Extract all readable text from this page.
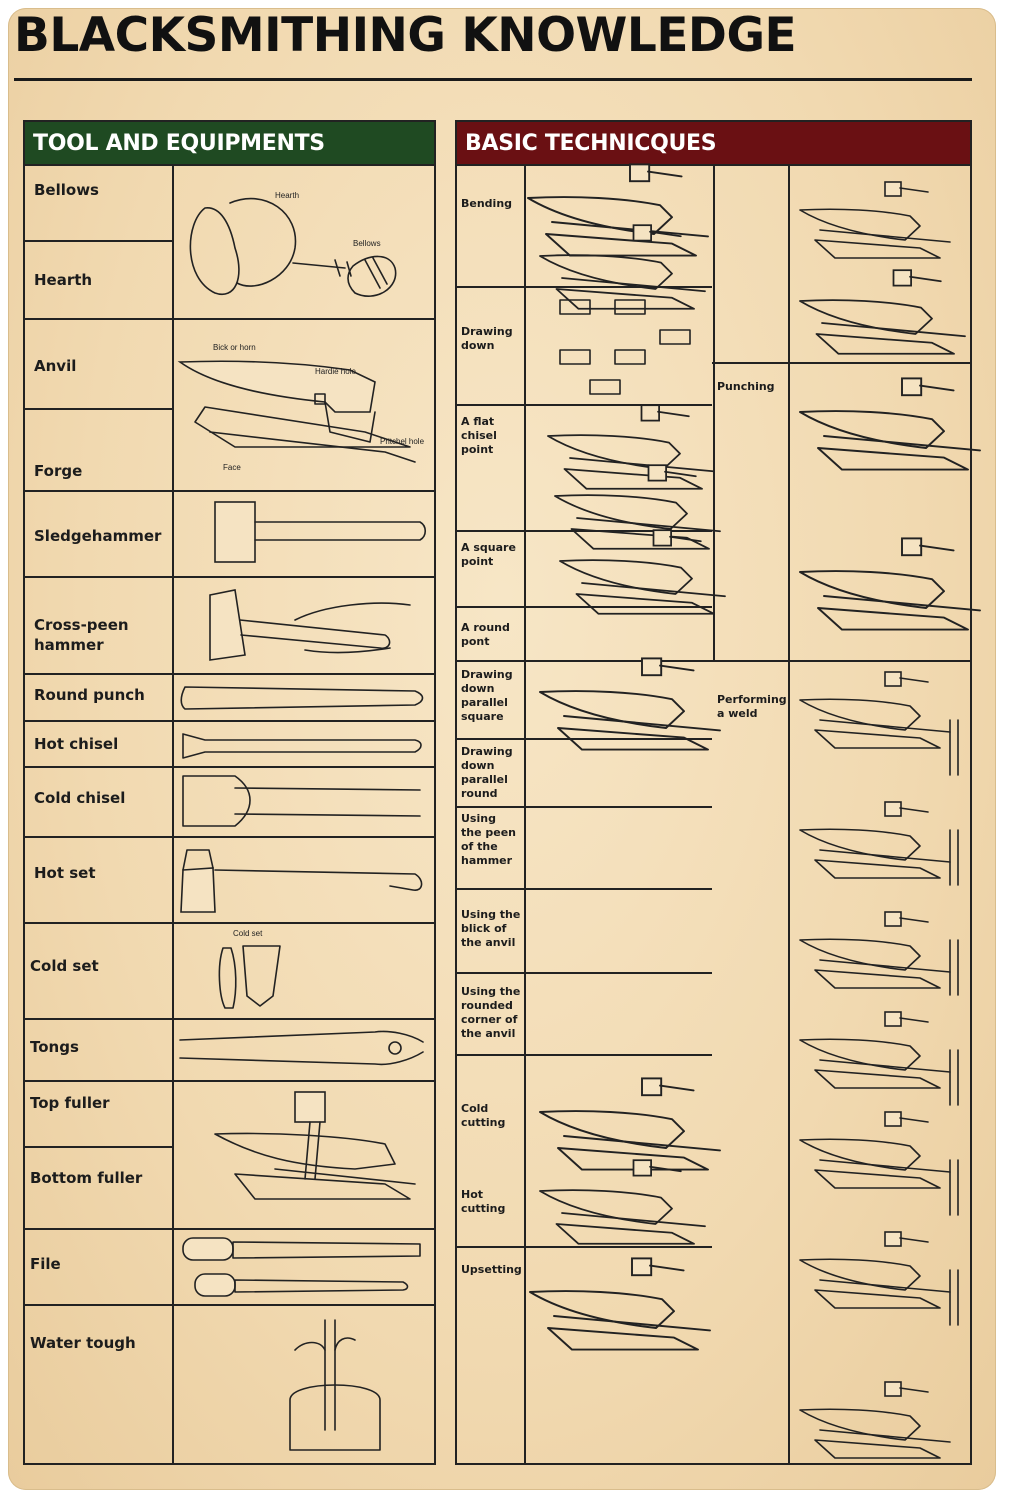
BLACKSMITHING KNOWLEDGE
TOOL AND EQUIPMENTS
Bellows
Hearth
Anvil
Forge
Sledgehammer
Cross-peen hammer
Round punch
Hot chisel
Cold chisel
Hot set
Cold set
Tongs
Top fuller
Bottom fuller
File
Water tough
BASIC TECHNICQUES
Bending
Drawing down
A flat chisel point
A square point
A round pont
Drawing down parallel square
Drawing down parallel round
Using the peen of the hammer
Using the blick of the anvil
Using the rounded corner of the anvil
Cold cutting
Hot cutting
Upsetting
Punching
Performing a weld
Hearth
Bellows
Bick or horn
Hardie hole
Face
Pritchel hole
Cold set
